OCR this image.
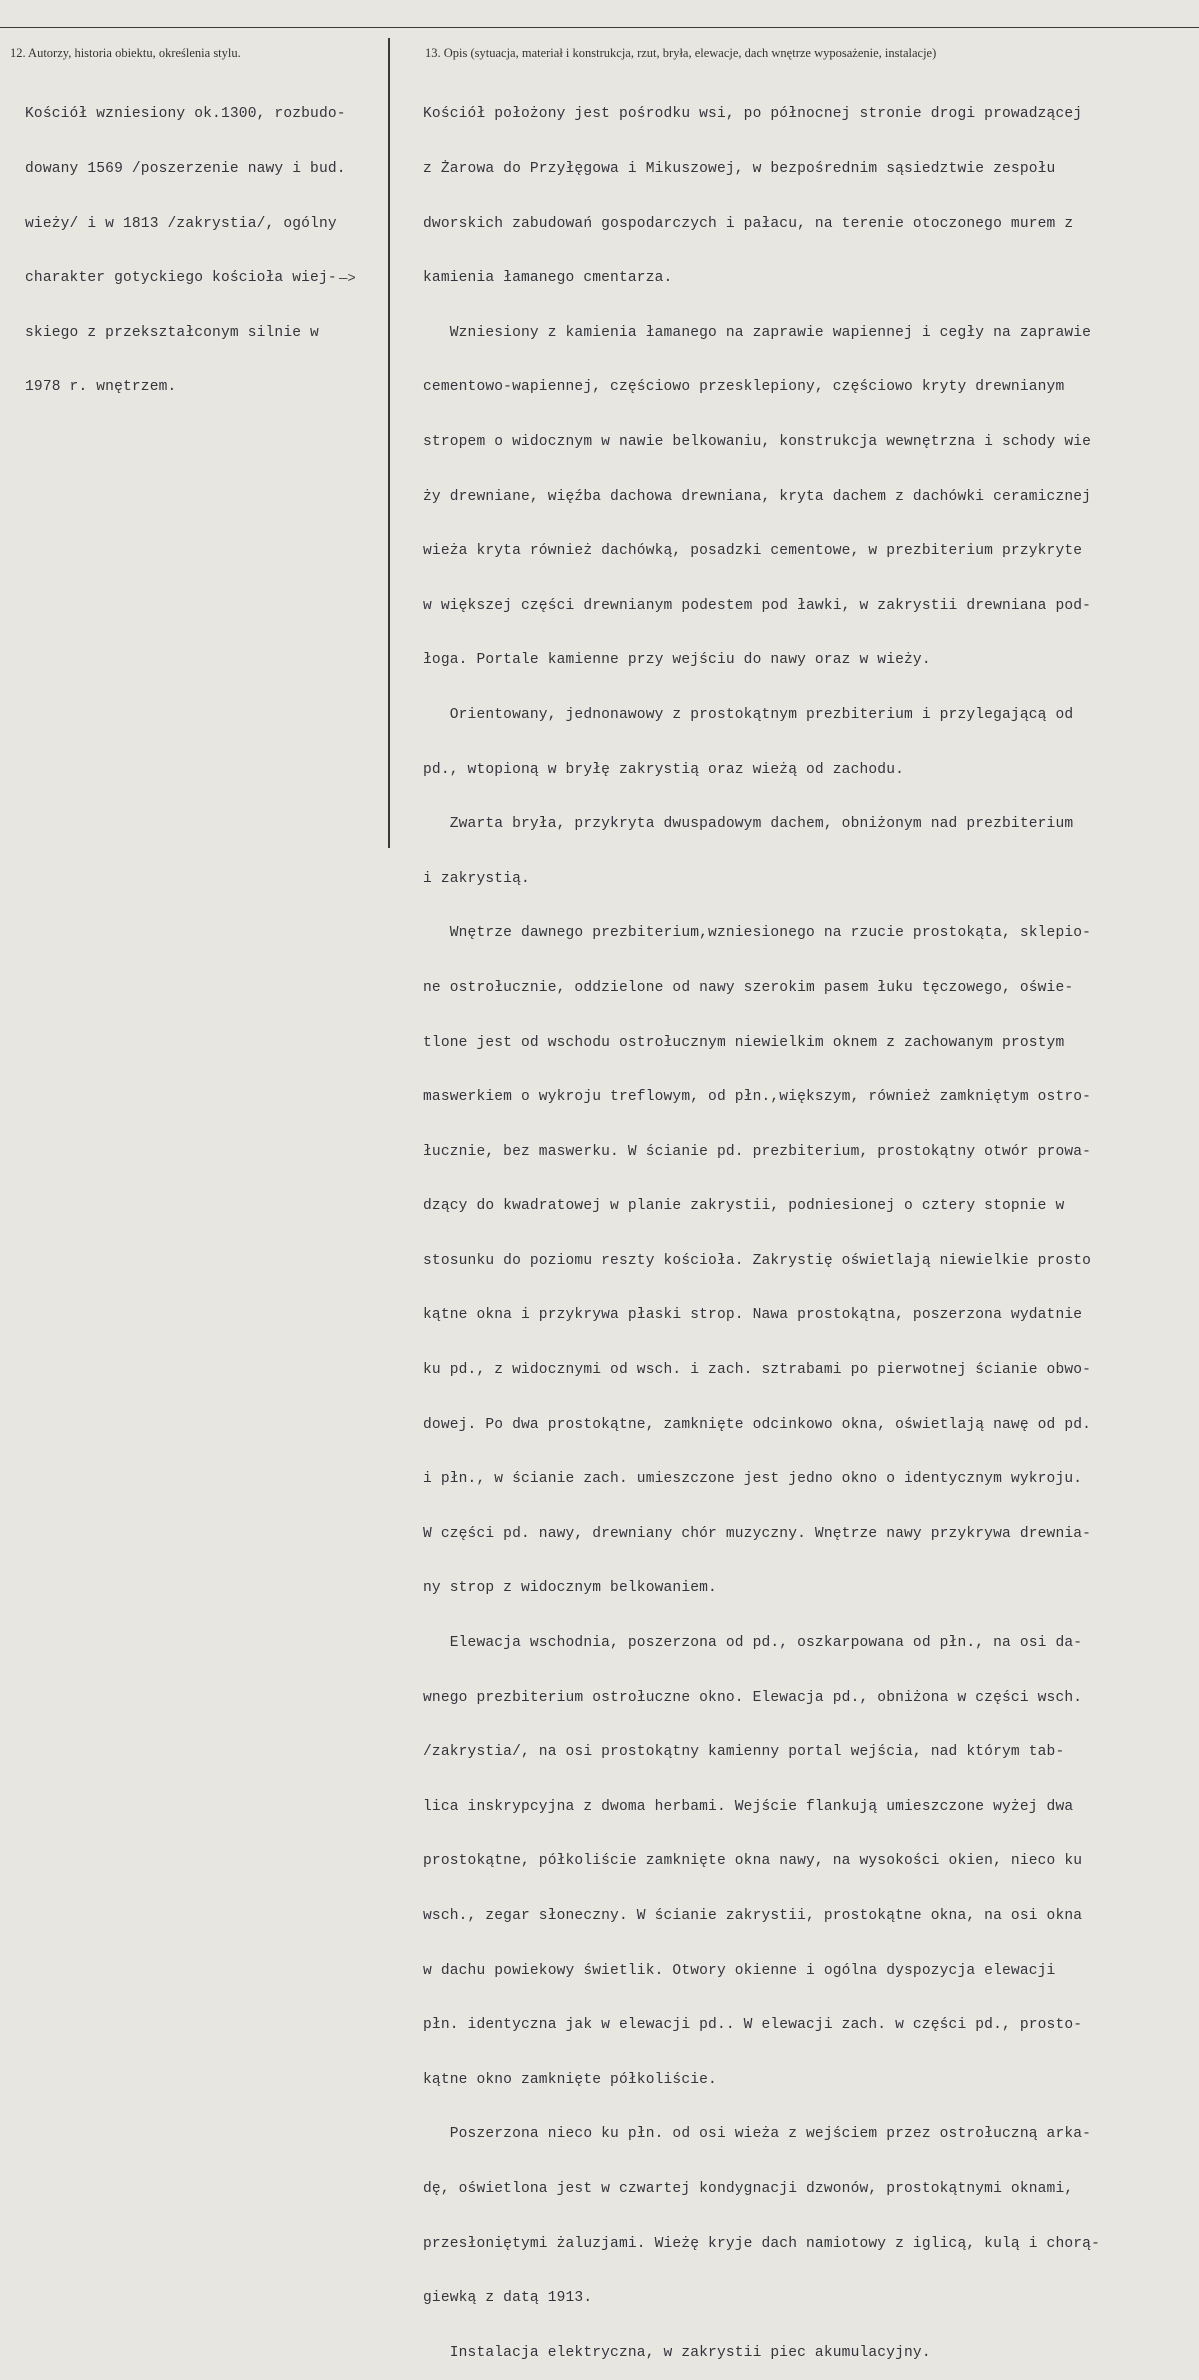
12. Autorzy, historia obiektu, określenia stylu.	13. Opis (sytuacja, materiał i konstrukcja, rzut, bryła, elewacje, dach wnętrze wyposażenie, instalacje)

Kościół wzniesiony ok.1300, rozbudo-

dowany 1569 /poszerzenie nawy i bud.

wieży/ i w 1813 /zakrystia/, ogólny

charakter gotyckiego kościoła wiej-

skiego z przekształconym silnie w

1978 r. wnętrzem.

—>

Kościół położony jest pośrodku wsi, po północnej stronie drogi prowadzącej

z Żarowa do Przyłęgowa i Mikuszowej, w bezpośrednim sąsiedztwie zespołu

dworskich zabudowań gospodarczych i pałacu, na terenie otoczonego murem z

kamienia łamanego cmentarza.

Wzniesiony z kamienia łamanego na zaprawie wapiennej i cegły na zaprawie

cementowo-wapiennej, częściowo przesklepiony, częściowo kryty drewnianym

stropem o widocznym w nawie belkowaniu, konstrukcja wewnętrzna i schody wie

ży drewniane, więźba dachowa drewniana, kryta dachem z dachówki ceramicznej

wieża kryta również dachówką, posadzki cementowe, w prezbiterium przykryte

w większej części drewnianym podestem pod ławki, w zakrystii drewniana pod-

łoga. Portale kamienne przy wejściu do nawy oraz w wieży.

Orientowany, jednonawowy z prostokątnym prezbiterium i przylegającą od

pd., wtopioną w bryłę zakrystią oraz wieżą od zachodu.

Zwarta bryła, przykryta dwuspadowym dachem, obniżonym nad prezbiterium

i zakrystią.

Wnętrze dawnego prezbiterium,wzniesionego na rzucie prostokąta, sklepio-

ne ostrołucznie, oddzielone od nawy szerokim pasem łuku tęczowego, oświe-

tlone jest od wschodu ostrołucznym niewielkim oknem z zachowanym prostym

maswerkiem o wykroju treflowym, od płn.,większym, również zamkniętym ostro-

łucznie, bez maswerku. W ścianie pd. prezbiterium, prostokątny otwór prowa-

dzący do kwadratowej w planie zakrystii, podniesionej o cztery stopnie w

stosunku do poziomu reszty kościoła. Zakrystię oświetlają niewielkie prosto

kątne okna i przykrywa płaski strop. Nawa prostokątna, poszerzona wydatnie

ku pd., z widocznymi od wsch. i zach. sztrabami po pierwotnej ścianie obwo-

dowej. Po dwa prostokątne, zamknięte odcinkowo okna, oświetlają nawę od pd.

i płn., w ścianie zach. umieszczone jest jedno okno o identycznym wykroju.

W części pd. nawy, drewniany chór muzyczny. Wnętrze nawy przykrywa drewnia-

ny strop z widocznym belkowaniem.

Elewacja wschodnia, poszerzona od pd., oszkarpowana od płn., na osi da-

wnego prezbiterium ostrołuczne okno. Elewacja pd., obniżona w części wsch.

/zakrystia/, na osi prostokątny kamienny portal wejścia, nad którym tab-

lica inskrypcyjna z dwoma herbami. Wejście flankują umieszczone wyżej dwa

prostokątne, półkoliście zamknięte okna nawy, na wysokości okien, nieco ku

wsch., zegar słoneczny. W ścianie zakrystii, prostokątne okna, na osi okna

w dachu powiekowy świetlik. Otwory okienne i ogólna dyspozycja elewacji

płn. identyczna jak w elewacji pd.. W elewacji zach. w części pd., prosto-

kątne okno zamknięte półkoliście.

Poszerzona nieco ku płn. od osi wieża z wejściem przez ostrołuczną arka-

dę, oświetlona jest w czwartej kondygnacji dzwonów, prostokątnymi oknami,

przesłoniętymi żaluzjami. Wieżę kryje dach namiotowy z iglicą, kulą i chorą-

giewką z datą 1913.

Instalacja elektryczna, w zakrystii piec akumulacyjny.
